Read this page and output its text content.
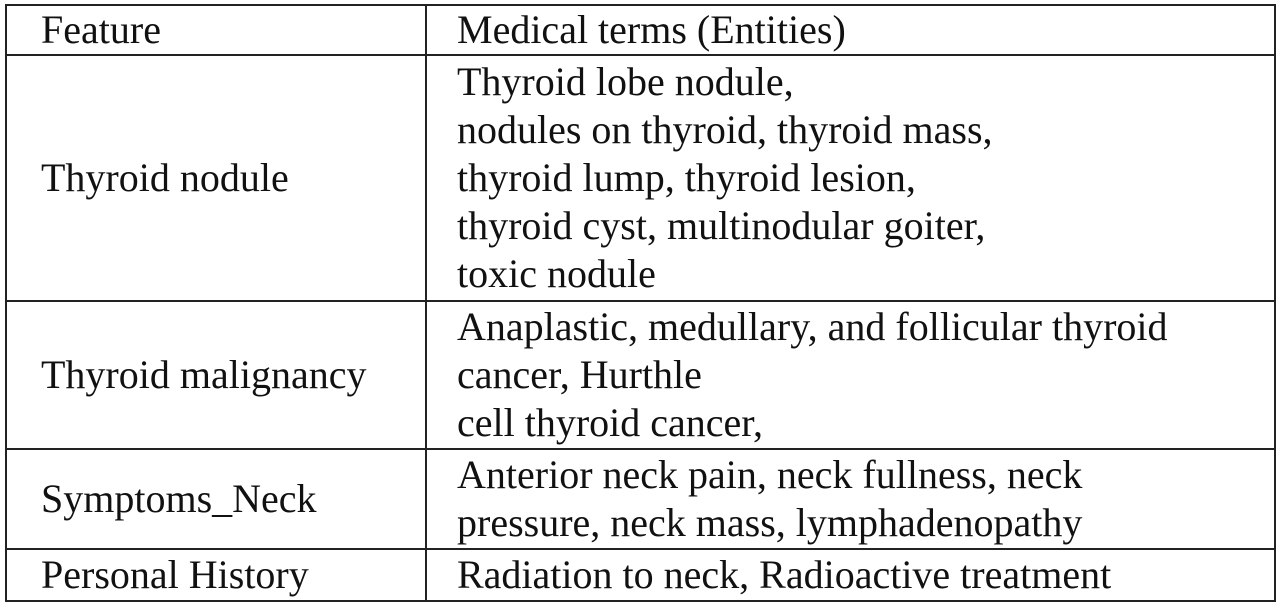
Feature	Medical terms (Entities)
Thyroid nodule	Thyroid lobe nodule,
nodules on thyroid, thyroid mass,
thyroid lump, thyroid lesion,
thyroid cyst, multinodular goiter,
toxic nodule

Thyroid malignancy	Anaplastic, medullary, and follicular thyroid
cancer, Hurthle
cell thyroid cancer,

Symptoms_Neck	Anterior neck pain, neck fullness, neck
pressure, neck mass, lymphadenopathy

Personal History	Radiation to neck, Radioactive treatment
